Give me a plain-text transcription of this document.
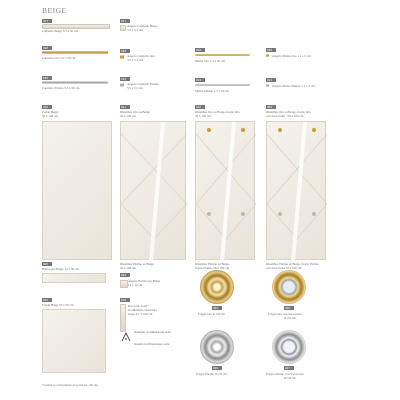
BEIGE
017
Capitello Beige 5,5 x 50 cm
018
Capitello Oro 5,5 x 50 cm
019
Capitello Platino 5,5 x 50 cm
017
Angolo Capitello Beige
5,5 x 5,5 cm
018
Angolo Capitello Oro
5,5 x 5,5 cm
019
Angolo Capitello Platino
5,5 x 5,5 cm
016
Matita Oro 1,5 x 50 cm
014
Matita Platino 1,5 x 50 cm
016
Angolo Matita Oro 1 x 1,5 cm
014
Angolo Matita Platino 1 x 1,5 cm
020
Fondo Beige
50 x 100 cm
021
Rhombus Oro su Beige
50 x 100 cm
Rhombus Platino su Beige
50 x 100 cm
040
Rhombus Oro su Beige, fregio Oro
50 x 100 cm
Rhombus Platino su Beige,
fregio Platino 50 x 100 cm
050
Rhombus Oro su Beige, fregio Oro
con Swarovski · 50 x 100 cm
Rhombus Platino su Beige, fregio Platino
con Swarovski 50 x 100 cm
025
Battiscopa Beige 12 x 50 cm
026
Angolo Battiscopa Beige
12 x 12 cm
020
Fondo Beige 50 x 50 cm
028
Raccordo Jolly*
in alluminio verniciato
beige 0,7 x 100 cm
dettaglio in dimensione reale
sistema in dimensione reale
034
Fregio Oro Ø 2,8 cm
035
Fregio Oro con Swarovski
Ø 2,8 cm
036
Fregio Platino Ø 2,8 cm
037
Fregio Platino con Swarovski
Ø 2,8 cm
*vendere su composizione di 3 pezzi (es. 100 cm)
